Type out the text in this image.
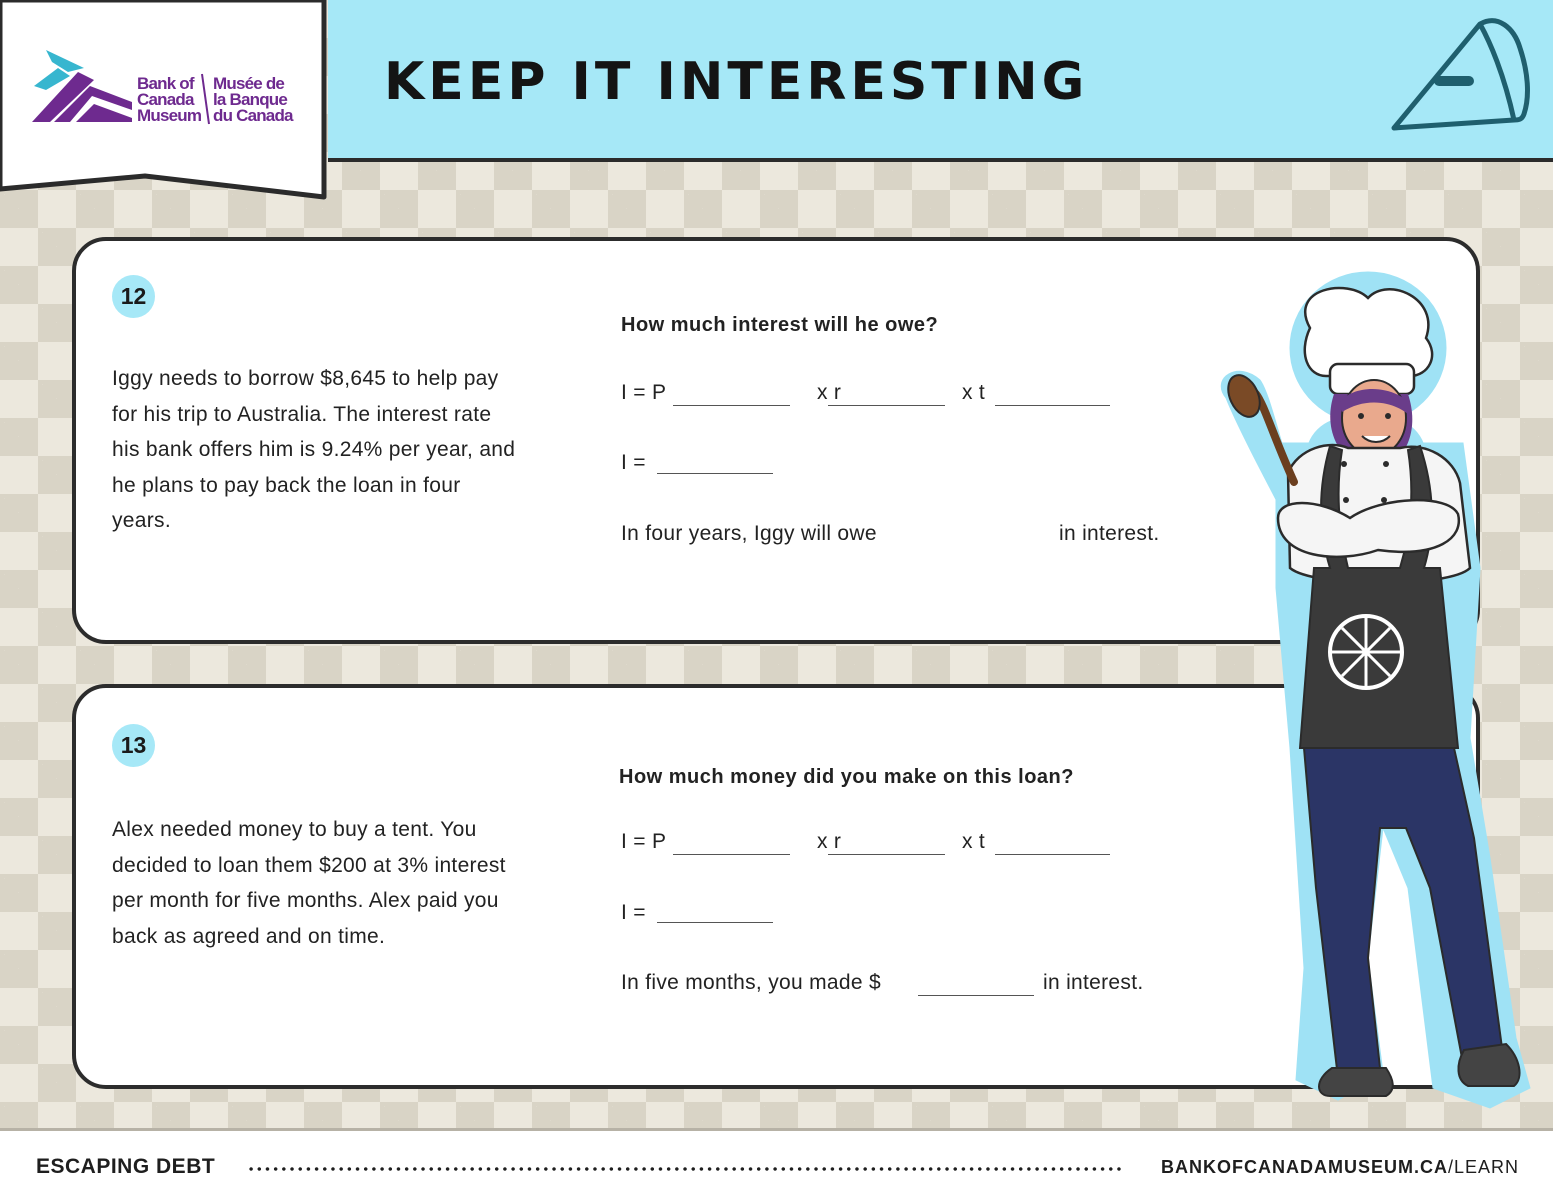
KEEP IT INTERESTING
Bank of
Canada
Museum
Musée de
la Banque
du Canada
12

Iggy needs to borrow $8,645 to help pay for his trip to Australia. The interest rate his bank offers him is 9.24% per year, and he plans to pay back the loan in four years.

How much interest will he owe?

I = P	x r	x t
I =
In four years, Iggy will owe	in interest.
13

Alex needed money to buy a tent. You decided to loan them $200 at 3% interest per month for five months. Alex paid you back as agreed and on time.

How much money did you make on this loan?

I = P	x r	x t
I =
In five months, you made $	in interest.
ESCAPING DEBT	BANKOFCANADAMUSEUM.CA/LEARN
